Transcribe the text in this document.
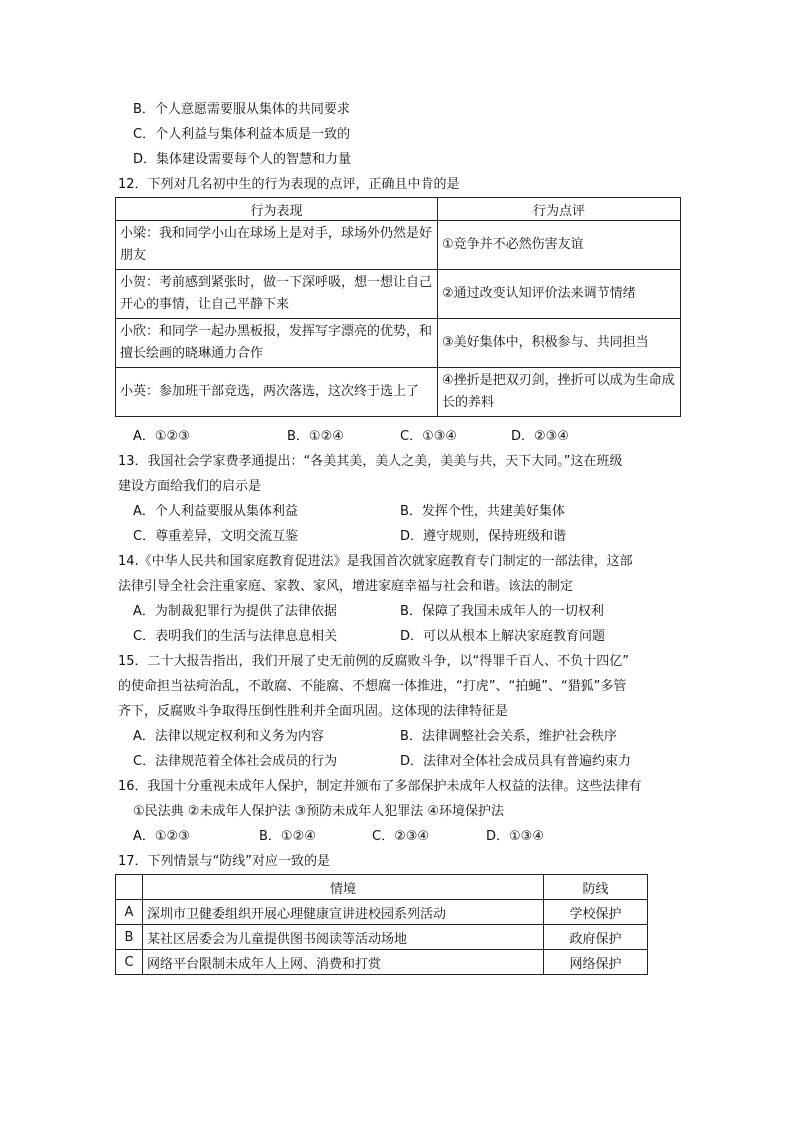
B．个人意愿需要服从集体的共同要求
C．个人利益与集体利益本质是一致的
D．集体建设需要每个人的智慧和力量
12．下列对几名初中生的行为表现的点评，正确且中肯的是
行为表现	行为点评
小梁：我和同学小山在球场上是对手，球场外仍然是好朋友	①竞争并不必然伤害友谊
小贺：考前感到紧张时，做一下深呼吸，想一想让自己开心的事情，让自己平静下来	②通过改变认知评价法来调节情绪
小欣：和同学一起办黑板报，发挥写字漂亮的优势，和擅长绘画的晓琳通力合作	③美好集体中，积极参与、共同担当
小英：参加班干部竞选，两次落选，这次终于选上了	④挫折是把双刃剑，挫折可以成为生命成长的养料
A．①②③	B．①②④	C．①③④	D．②③④
13．我国社会学家费孝通提出：“各美其美，美人之美，美美与共，天下大同。”这在班级
建设方面给我们的启示是
A．个人利益要服从集体利益	B．发挥个性，共建美好集体
C．尊重差异，文明交流互鉴	D．遵守规则，保持班级和谐
14.《中华人民共和国家庭教育促进法》是我国首次就家庭教育专门制定的一部法律，这部
法律引导全社会注重家庭、家教、家风，增进家庭幸福与社会和谐。该法的制定
A．为制裁犯罪行为提供了法律依据	B．保障了我国未成年人的一切权利
C．表明我们的生活与法律息息相关	D．可以从根本上解决家庭教育问题
15．二十大报告指出，我们开展了史无前例的反腐败斗争，以“得罪千百人、不负十四亿”
的使命担当祛疴治乱，不敢腐、不能腐、不想腐一体推进，“打虎”、“拍蝇”、“猎狐”多管
齐下，反腐败斗争取得压倒性胜利并全面巩固。这体现的法律特征是
A．法律以规定权利和义务为内容	B．法律调整社会关系，维护社会秩序
C．法律规范着全体社会成员的行为	D．法律对全体社会成员具有普遍约束力
16．我国十分重视未成年人保护，制定并颁布了多部保护未成年人权益的法律。这些法律有
①民法典 ②未成年人保护法 ③预防未成年人犯罪法 ④环境保护法
A．①②③	B．①②④	C．②③④	D．①③④
17．下列情景与“防线”对应一致的是
	情境	防线
A	深圳市卫健委组织开展心理健康宣讲进校园系列活动	学校保护
B	某社区居委会为儿童提供图书阅读等活动场地	政府保护
C	网络平台限制未成年人上网、消费和打赏	网络保护
